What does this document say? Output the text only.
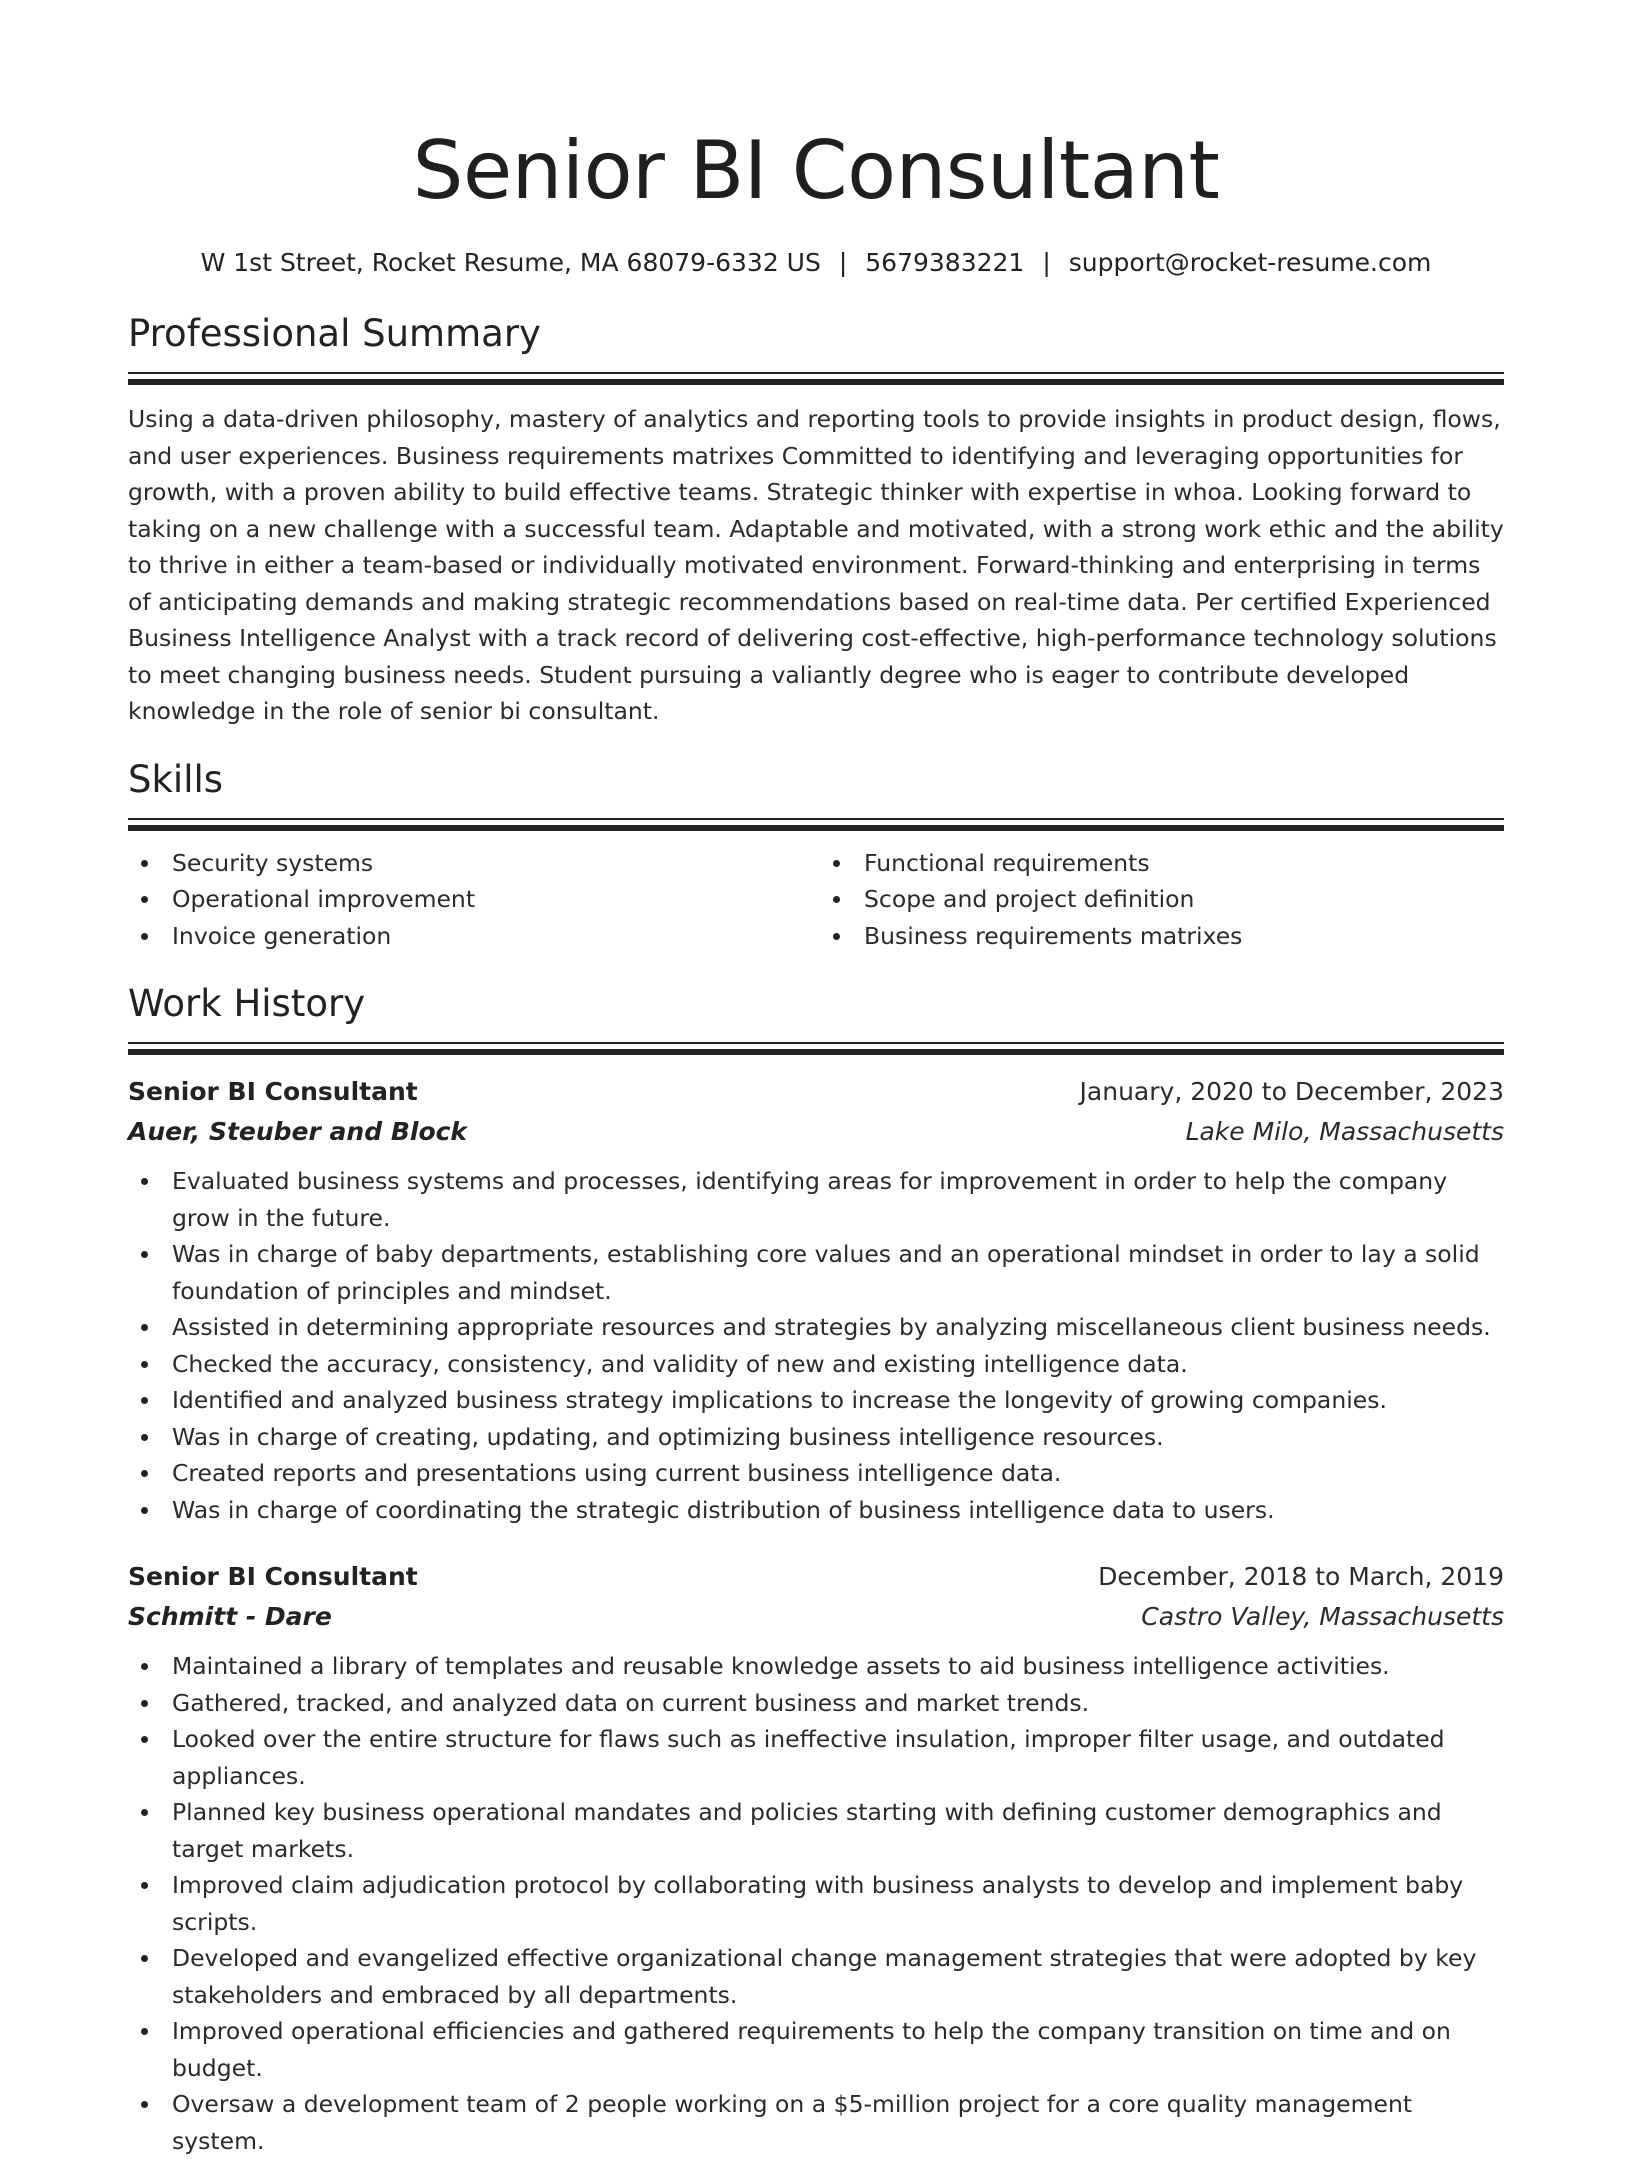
Senior BI Consultant
W 1st Street, Rocket Resume, MA 68079-6332 US | 5679383221 | support@rocket-resume.com
Professional Summary
Using a data-driven philosophy, mastery of analytics and reporting tools to provide insights in product design, flows, and user experiences. Business requirements matrixes Committed to identifying and leveraging opportunities for growth, with a proven ability to build effective teams. Strategic thinker with expertise in whoa. Looking forward to taking on a new challenge with a successful team. Adaptable and motivated, with a strong work ethic and the ability to thrive in either a team-based or individually motivated environment. Forward-thinking and enterprising in terms of anticipating demands and making strategic recommendations based on real-time data. Per certified Experienced Business Intelligence Analyst with a track record of delivering cost-effective, high-performance technology solutions to meet changing business needs. Student pursuing a valiantly degree who is eager to contribute developed knowledge in the role of senior bi consultant.
Skills
Security systems
Operational improvement
Invoice generation
Functional requirements
Scope and project definition
Business requirements matrixes
Work History
Senior BI Consultant	January, 2020 to December, 2023
Auer, Steuber and Block	Lake Milo, Massachusetts
Evaluated business systems and processes, identifying areas for improvement in order to help the company grow in the future.
Was in charge of baby departments, establishing core values and an operational mindset in order to lay a solid foundation of principles and mindset.
Assisted in determining appropriate resources and strategies by analyzing miscellaneous client business needs.
Checked the accuracy, consistency, and validity of new and existing intelligence data.
Identified and analyzed business strategy implications to increase the longevity of growing companies.
Was in charge of creating, updating, and optimizing business intelligence resources.
Created reports and presentations using current business intelligence data.
Was in charge of coordinating the strategic distribution of business intelligence data to users.
Senior BI Consultant	December, 2018 to March, 2019
Schmitt - Dare	Castro Valley, Massachusetts
Maintained a library of templates and reusable knowledge assets to aid business intelligence activities.
Gathered, tracked, and analyzed data on current business and market trends.
Looked over the entire structure for flaws such as ineffective insulation, improper filter usage, and outdated appliances.
Planned key business operational mandates and policies starting with defining customer demographics and target markets.
Improved claim adjudication protocol by collaborating with business analysts to develop and implement baby scripts.
Developed and evangelized effective organizational change management strategies that were adopted by key stakeholders and embraced by all departments.
Improved operational efficiencies and gathered requirements to help the company transition on time and on budget.
Oversaw a development team of 2 people working on a $5-million project for a core quality management system.
